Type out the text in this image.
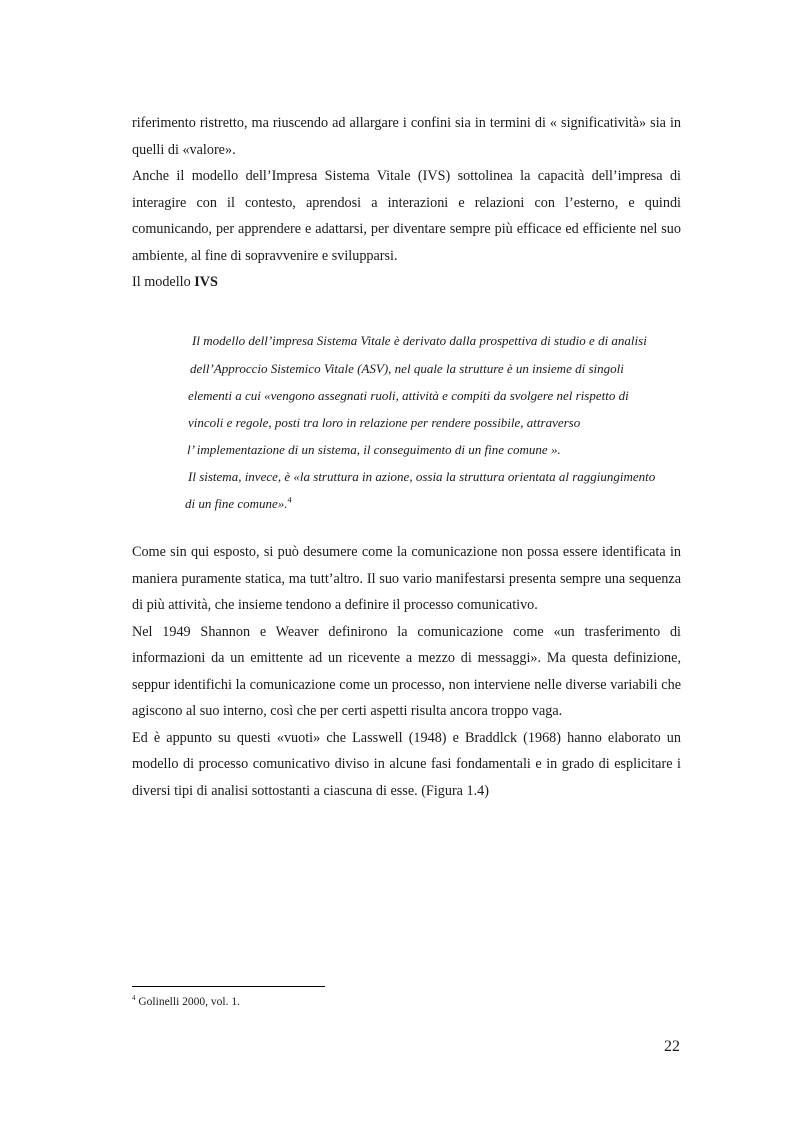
riferimento ristretto, ma riuscendo ad allargare i confini sia in termini di « significatività» sia in quelli di «valore».

Anche il modello dell’Impresa Sistema Vitale (IVS) sottolinea la capacità dell’impresa di interagire con il contesto, aprendosi a interazioni e relazioni con l’esterno, e quindi comunicando, per apprendere e adattarsi, per diventare sempre più efficace ed efficiente nel suo ambiente, al fine di sopravvenire e svilupparsi.

Il modello IVS

Il modello dell’impresa Sistema Vitale è derivato dalla prospettiva di studio e di analisi
dell’Approccio Sistemico Vitale (ASV), nel quale la strutture è un insieme di singoli
elementi a cui «vengono assegnati ruoli, attività e compiti da svolgere nel rispetto di
vincoli e regole, posti tra loro in relazione per rendere possibile, attraverso
l’ implementazione di un sistema, il conseguimento di un fine comune ».
Il sistema, invece, è «la struttura in azione, ossia la struttura orientata al raggiungimento
di un fine comune».$^4$

Come sin qui esposto, si può desumere come la comunicazione non possa essere identificata in maniera puramente statica, ma tutt’altro. Il suo vario manifestarsi presenta sempre una sequenza di più attività, che insieme tendono a definire il processo comunicativo.

Nel 1949 Shannon e Weaver definirono la comunicazione come «un trasferimento di informazioni da un emittente ad un ricevente a mezzo di messaggi». Ma questa definizione, seppur identifichi la comunicazione come un processo, non interviene nelle diverse variabili che agiscono al suo interno, così che per certi aspetti risulta ancora troppo vaga.

Ed è appunto su questi «vuoti» che Lasswell (1948) e Braddlck (1968) hanno elaborato un modello di processo comunicativo diviso in alcune fasi fondamentali e in grado di esplicitare i diversi tipi di analisi sottostanti a ciascuna di esse. (Figura 1.4)

$^4$ Golinelli 2000, vol. 1.
22
